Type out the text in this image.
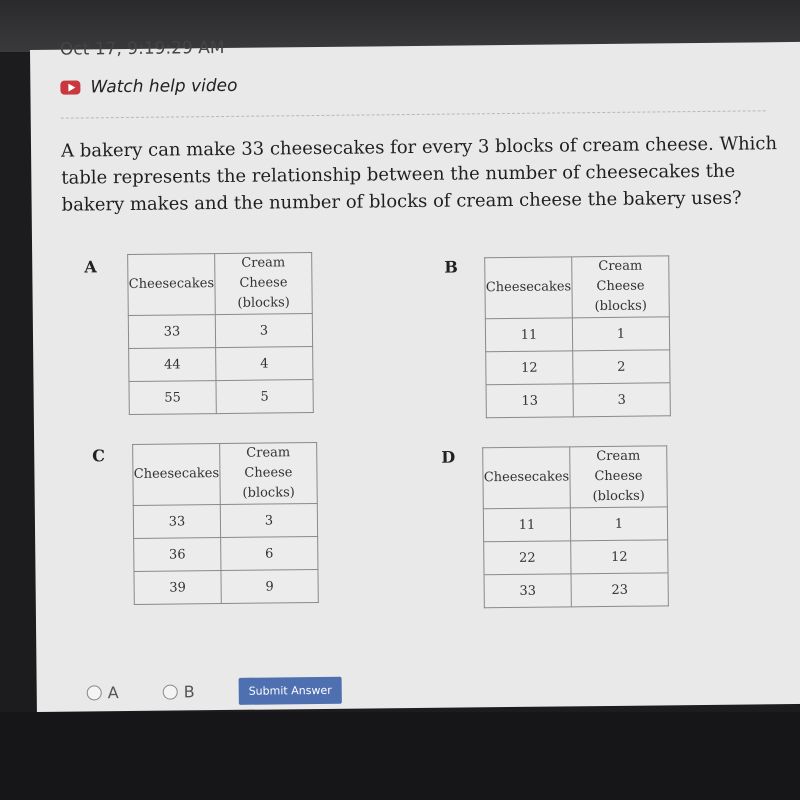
Oct 17, 9:19:29 AM
Watch help video
A bakery can make 33 cheesecakes for every 3 blocks of cream cheese. Which table represents the relationship between the number of cheesecakes the bakery makes and the number of blocks of cream cheese the bakery uses?
A
Cheesecakes	Cream Cheese
(blocks)
33	3
44	4
55	5
B
Cheesecakes	Cream Cheese
(blocks)
11	1
12	2
13	3
C
Cheesecakes	Cream Cheese
(blocks)
33	3
36	6
39	9
D
Cheesecakes	Cream Cheese
(blocks)
11	1
22	12
33	23
A	B	Submit Answer
